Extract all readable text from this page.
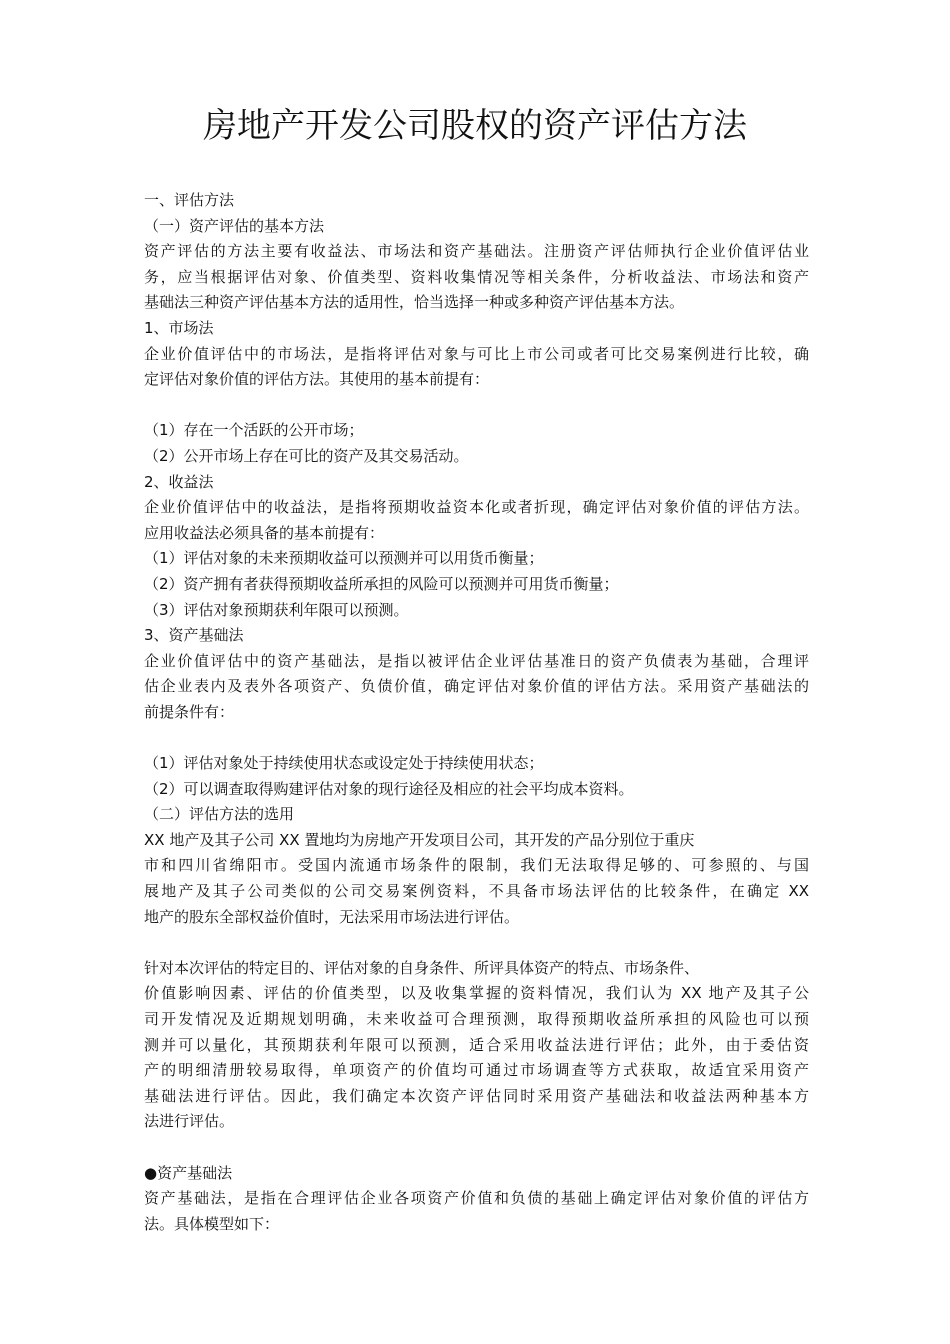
房地产开发公司股权的资产评估方法
一、评估方法
（一）资产评估的基本方法
资产评估的方法主要有收益法、市场法和资产基础法。注册资产评估师执行企业价值评估业
务，应当根据评估对象、价值类型、资料收集情况等相关条件，分析收益法、市场法和资产
基础法三种资产评估基本方法的适用性，恰当选择一种或多种资产评估基本方法。
1、市场法
企业价值评估中的市场法，是指将评估对象与可比上市公司或者可比交易案例进行比较，确
定评估对象价值的评估方法。其使用的基本前提有：
（1）存在一个活跃的公开市场；
（2）公开市场上存在可比的资产及其交易活动。
2、收益法
企业价值评估中的收益法，是指将预期收益资本化或者折现，确定评估对象价值的评估方法。
应用收益法必须具备的基本前提有：
（1）评估对象的未来预期收益可以预测并可以用货币衡量；
（2）资产拥有者获得预期收益所承担的风险可以预测并可用货币衡量；
（3）评估对象预期获利年限可以预测。
3、资产基础法
企业价值评估中的资产基础法，是指以被评估企业评估基准日的资产负债表为基础，合理评
估企业表内及表外各项资产、负债价值，确定评估对象价值的评估方法。采用资产基础法的
前提条件有：
（1）评估对象处于持续使用状态或设定处于持续使用状态；
（2）可以调查取得购建评估对象的现行途径及相应的社会平均成本资料。
（二）评估方法的选用
XX 地产及其子公司 XX 置地均为房地产开发项目公司，其开发的产品分别位于重庆
市和四川省绵阳市。受国内流通市场条件的限制，我们无法取得足够的、可参照的、与国
展地产及其子公司类似的公司交易案例资料，不具备市场法评估的比较条件，在确定 XX
地产的股东全部权益价值时，无法采用市场法进行评估。
针对本次评估的特定目的、评估对象的自身条件、所评具体资产的特点、市场条件、
价值影响因素、评估的价值类型，以及收集掌握的资料情况，我们认为 XX 地产及其子公
司开发情况及近期规划明确，未来收益可合理预测，取得预期收益所承担的风险也可以预
测并可以量化，其预期获利年限可以预测，适合采用收益法进行评估；此外，由于委估资
产的明细清册较易取得，单项资产的价值均可通过市场调查等方式获取，故适宜采用资产
基础法进行评估。因此，我们确定本次资产评估同时采用资产基础法和收益法两种基本方
法进行评估。
●资产基础法
资产基础法，是指在合理评估企业各项资产价值和负债的基础上确定评估对象价值的评估方
法。具体模型如下：
